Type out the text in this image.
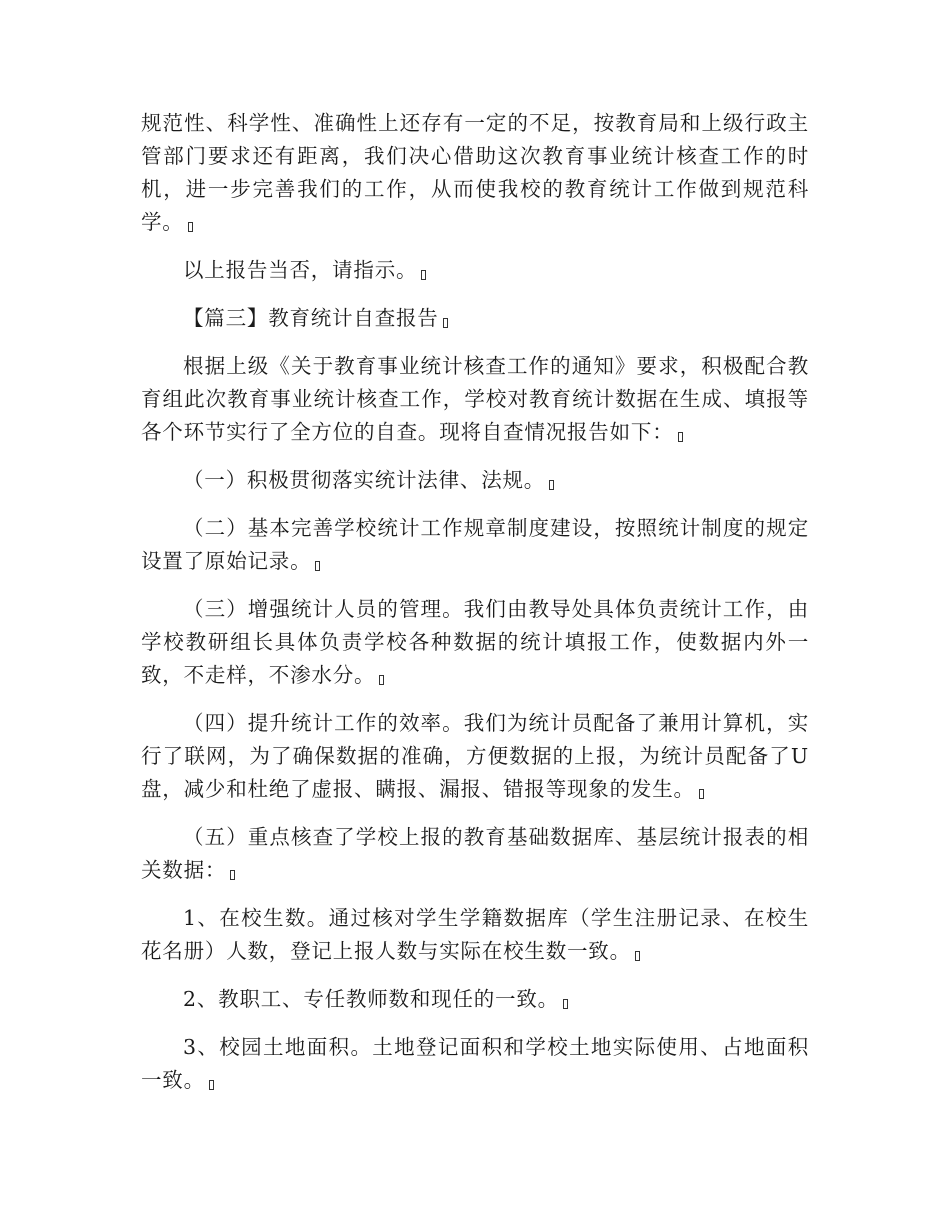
规范性、科学性、准确性上还存有一定的不足，按教育局和上级行政主管部门要求还有距离，我们决心借助这次教育事业统计核查工作的时机，进一步完善我们的工作，从而使我校的教育统计工作做到规范科学。

以上报告当否，请指示。

【篇三】教育统计自查报告

根据上级《关于教育事业统计核查工作的通知》要求，积极配合教育组此次教育事业统计核查工作，学校对教育统计数据在生成、填报等各个环节实行了全方位的自查。现将自查情况报告如下：

（一）积极贯彻落实统计法律、法规。

（二）基本完善学校统计工作规章制度建设，按照统计制度的规定设置了原始记录。

（三）增强统计人员的管理。我们由教导处具体负责统计工作，由学校教研组长具体负责学校各种数据的统计填报工作，使数据内外一致，不走样，不渗水分。

（四）提升统计工作的效率。我们为统计员配备了兼用计算机，实行了联网，为了确保数据的准确，方便数据的上报，为统计员配备了U盘，减少和杜绝了虚报、瞒报、漏报、错报等现象的发生。

（五）重点核查了学校上报的教育基础数据库、基层统计报表的相关数据：

1、在校生数。通过核对学生学籍数据库（学生注册记录、在校生花名册）人数，登记上报人数与实际在校生数一致。

2、教职工、专任教师数和现任的一致。

3、校园土地面积。土地登记面积和学校土地实际使用、占地面积一致。
